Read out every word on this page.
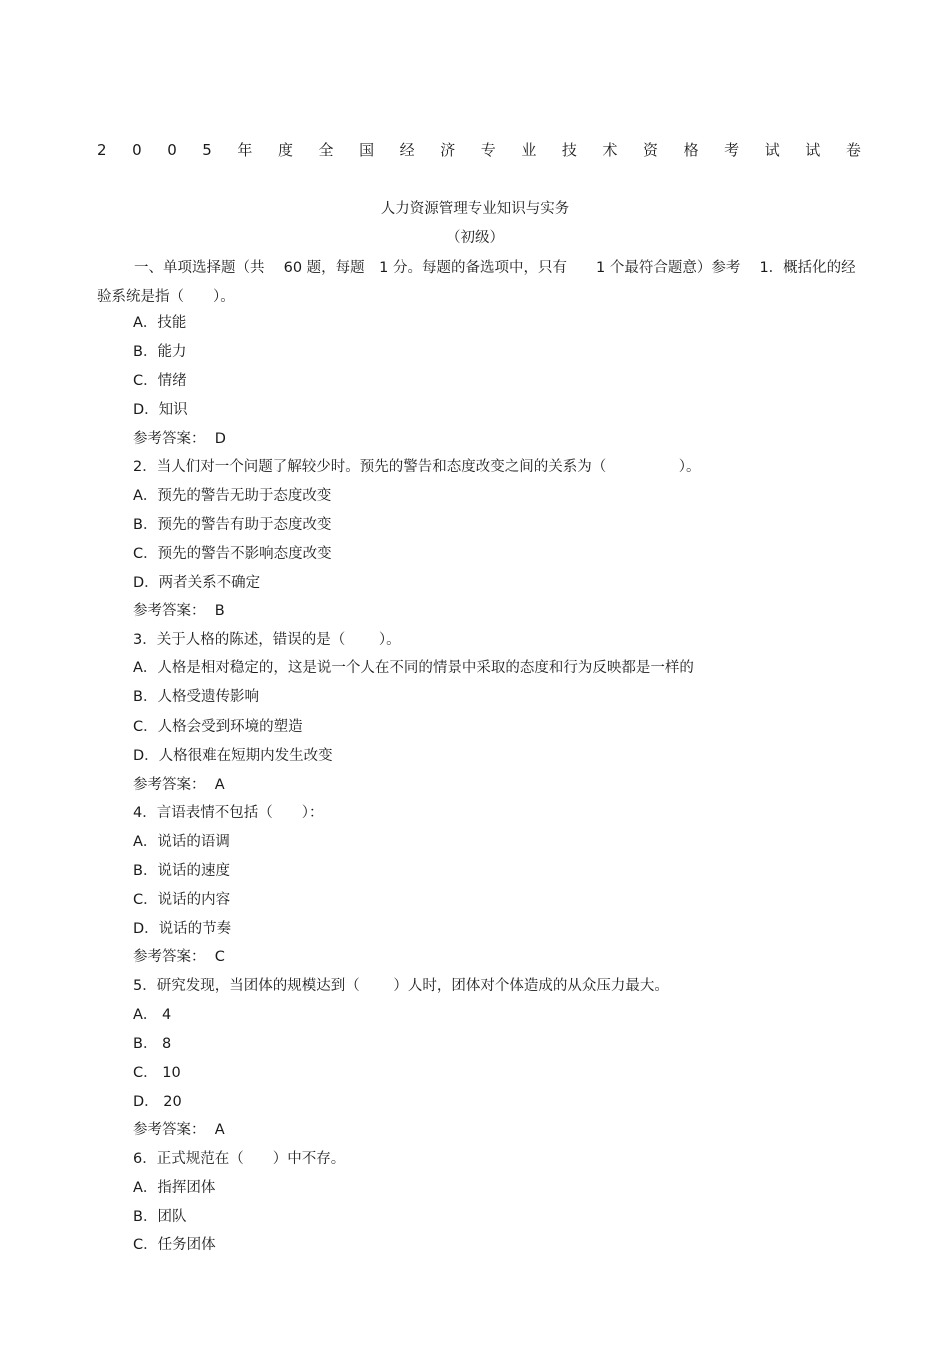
2 0 0 5 年 度 全 国 经 济 专 业 技 术 资 格 考 试 试 卷
人力资源管理专业知识与实务
（初级）
一、单项选择题（共　 60 题，每题　1 分。每题的备选项中，只有　　1 个最符合题意）参考　 1．概括化的经验系统是指（　　）。
A．技能
B．能力
C．情绪
D．知识
参考答案：  D
2．当人们对一个问题了解较少时。预先的警告和态度改变之间的关系为（　　　　　）。
A．预先的警告无助于态度改变
B．预先的警告有助于态度改变
C．预先的警告不影响态度改变
D．两者关系不确定
参考答案：  B
3．关于人格的陈述，错误的是（　　 ）。
A．人格是相对稳定的，这是说一个人在不同的情景中采取的态度和行为反映都是一样的
B．人格受遗传影响
C．人格会受到环境的塑造
D．人格很难在短期内发生改变
参考答案：  A
4．言语表情不包括（　　）：
A．说话的语调
B．说话的速度
C．说话的内容
D．说话的节奏
参考答案：  C
5．研究发现，当团体的规模达到（　　 ）人时，团体对个体造成的从众压力最大。
A． 4
B． 8
C． 10
D． 20
参考答案：  A
6．正式规范在（　　）中不存。
A．指挥团体
B．团队
C．任务团体
